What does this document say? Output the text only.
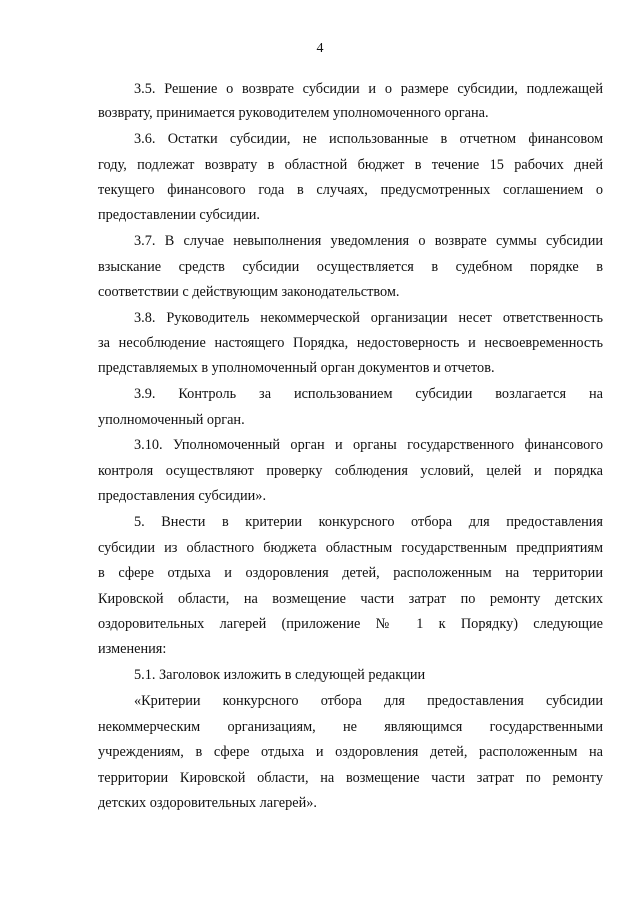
4
3.5. Решение о возврате субсидии и о размере субсидии, подлежащей
возврату, принимается руководителем уполномоченного органа.
3.6. Остатки субсидии, не использованные в отчетном финансовом
году, подлежат возврату в областной бюджет в течение 15 рабочих дней
текущего финансового года в случаях, предусмотренных соглашением о
предоставлении субсидии.
3.7. В случае невыполнения уведомления о возврате суммы субсидии
взыскание средств субсидии осуществляется в судебном порядке в
соответствии с действующим законодательством.
3.8. Руководитель некоммерческой организации несет ответственность
за несоблюдение настоящего Порядка, недостоверность и несвоевременность
представляемых в уполномоченный орган документов и отчетов.
3.9. Контроль за использованием субсидии возлагается на
уполномоченный орган.
3.10. Уполномоченный орган и органы государственного финансового
контроля осуществляют проверку соблюдения условий, целей и порядка
предоставления субсидии».
5. Внести в критерии конкурсного отбора для предоставления
субсидии из областного бюджета областным государственным предприятиям
в сфере отдыха и оздоровления детей, расположенным на территории
Кировской области, на возмещение части затрат по ремонту детских
оздоровительных лагерей (приложение № 1 к Порядку) следующие
изменения:
5.1. Заголовок изложить в следующей редакции
«Критерии конкурсного отбора для предоставления субсидии
некоммерческим организациям, не являющимся государственными
учреждениям, в сфере отдыха и оздоровления детей, расположенным на
территории Кировской области, на возмещение части затрат по ремонту
детских оздоровительных лагерей».
